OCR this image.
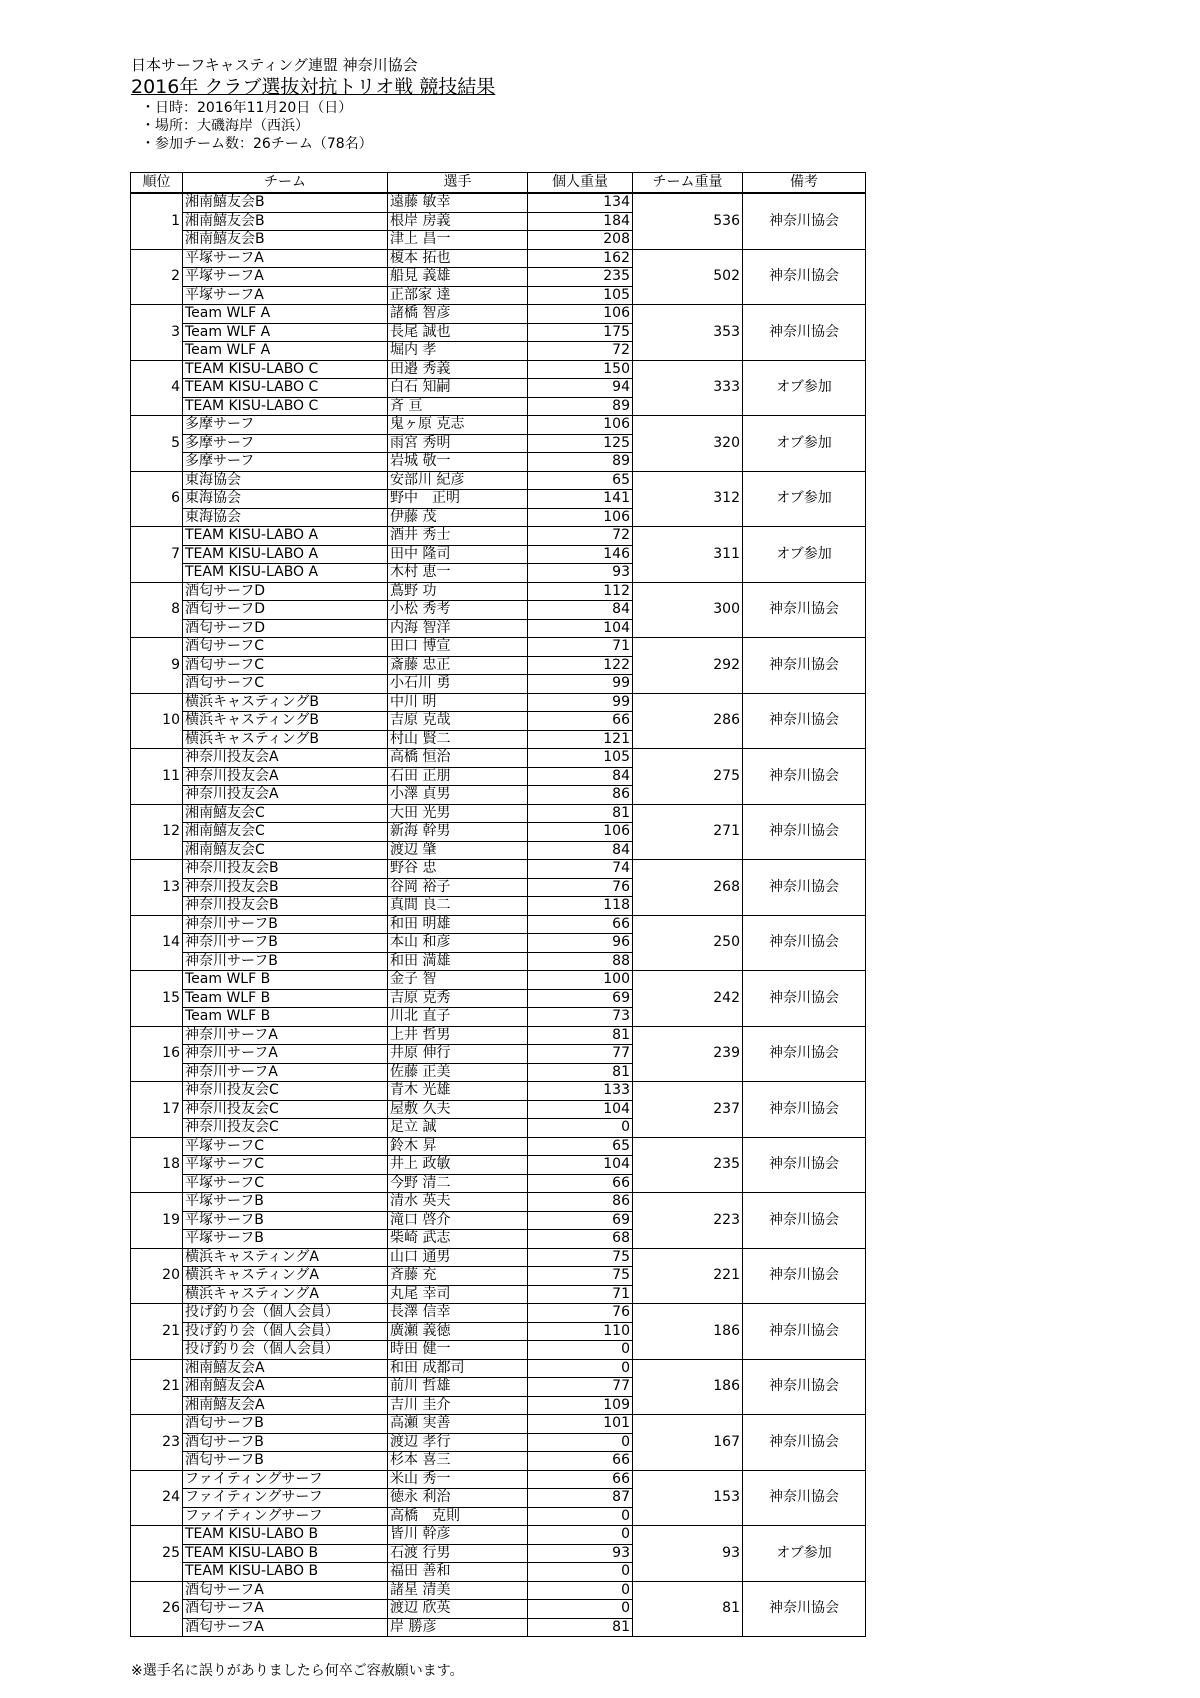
日本サーフキャスティング連盟 神奈川協会
2016年 クラブ選抜対抗トリオ戦 競技結果
・日時：2016年11月20日（日）
・場所：大磯海岸（西浜）
・参加チーム数：26チーム（78名）
順位	チーム	選手	個人重量	チーム重量	備考
1	湘南鱚友会B	遠藤 敏幸	134	536	神奈川協会
	湘南鱚友会B	根岸 房義	184		
	湘南鱚友会B	津上 昌一	208		
2	平塚サーフA	榎本 拓也	162	502	神奈川協会
	平塚サーフA	船見 義雄	235		
	平塚サーフA	正部家 達	105		
3	Team WLF A	諸橋 智彦	106	353	神奈川協会
	Team WLF A	長尾 誠也	175		
	Team WLF A	堀内 孝	72		
4	TEAM KISU-LABO C	田邉 秀義	150	333	オブ参加
	TEAM KISU-LABO C	白石 知嗣	94		
	TEAM KISU-LABO C	斉 亘	89		
5	多摩サーフ	鬼ヶ原 克志	106	320	オブ参加
	多摩サーフ	雨宮 秀明	125		
	多摩サーフ	岩城 敬一	89		
6	東海協会	安部川 紀彦	65	312	オブ参加
	東海協会	野中　正明	141		
	東海協会	伊藤 茂	106		
7	TEAM KISU-LABO A	酒井 秀士	72	311	オブ参加
	TEAM KISU-LABO A	田中 隆司	146		
	TEAM KISU-LABO A	木村 恵一	93		
8	酒匂サーフD	蔦野 功	112	300	神奈川協会
	酒匂サーフD	小松 秀考	84		
	酒匂サーフD	内海 智洋	104		
9	酒匂サーフC	田口 博宣	71	292	神奈川協会
	酒匂サーフC	斎藤 忠正	122		
	酒匂サーフC	小石川 勇	99		
10	横浜キャスティングB	中川 明	99	286	神奈川協会
	横浜キャスティングB	吉原 克哉	66		
	横浜キャスティングB	村山 賢二	121		
11	神奈川投友会A	高橋 恒治	105	275	神奈川協会
	神奈川投友会A	石田 正朋	84		
	神奈川投友会A	小澤 貞男	86		
12	湘南鱚友会C	大田 光男	81	271	神奈川協会
	湘南鱚友会C	新海 幹男	106		
	湘南鱚友会C	渡辺 肇	84		
13	神奈川投友会B	野谷 忠	74	268	神奈川協会
	神奈川投友会B	谷岡 裕子	76		
	神奈川投友会B	真間 良二	118		
14	神奈川サーフB	和田 明雄	66	250	神奈川協会
	神奈川サーフB	本山 和彦	96		
	神奈川サーフB	和田 満雄	88		
15	Team WLF B	金子 智	100	242	神奈川協会
	Team WLF B	吉原 克秀	69		
	Team WLF B	川北 直子	73		
16	神奈川サーフA	上井 哲男	81	239	神奈川協会
	神奈川サーフA	井原 伸行	77		
	神奈川サーフA	佐藤 正美	81		
17	神奈川投友会C	青木 光雄	133	237	神奈川協会
	神奈川投友会C	屋敷 久夫	104		
	神奈川投友会C	足立 誠	0		
18	平塚サーフC	鈴木 昇	65	235	神奈川協会
	平塚サーフC	井上 政敏	104		
	平塚サーフC	今野 清二	66		
19	平塚サーフB	清水 英夫	86	223	神奈川協会
	平塚サーフB	滝口 啓介	69		
	平塚サーフB	柴崎 武志	68		
20	横浜キャスティングA	山口 通男	75	221	神奈川協会
	横浜キャスティングA	斉藤 充	75		
	横浜キャスティングA	丸尾 幸司	71		
21	投げ釣り会（個人会員）	長澤 信幸	76	186	神奈川協会
	投げ釣り会（個人会員）	廣瀬 義徳	110		
	投げ釣り会（個人会員）	時田 健一	0		
21	湘南鱚友会A	和田 成都司	0	186	神奈川協会
	湘南鱚友会A	前川 哲雄	77		
	湘南鱚友会A	吉川 圭介	109		
23	酒匂サーフB	高瀬 実善	101	167	神奈川協会
	酒匂サーフB	渡辺 孝行	0		
	酒匂サーフB	杉本 喜三	66		
24	ファイティングサーフ	米山 秀一	66	153	神奈川協会
	ファイティングサーフ	徳永 利治	87		
	ファイティングサーフ	高橋　克則	0		
25	TEAM KISU-LABO B	皆川 幹彦	0	93	オブ参加
	TEAM KISU-LABO B	石渡 行男	93		
	TEAM KISU-LABO B	福田 善和	0		
26	酒匂サーフA	諸星 清美	0	81	神奈川協会
	酒匂サーフA	渡辺 欣英	0		
	酒匂サーフA	岸 勝彦	81		
※選手名に誤りがありましたら何卒ご容赦願います。
